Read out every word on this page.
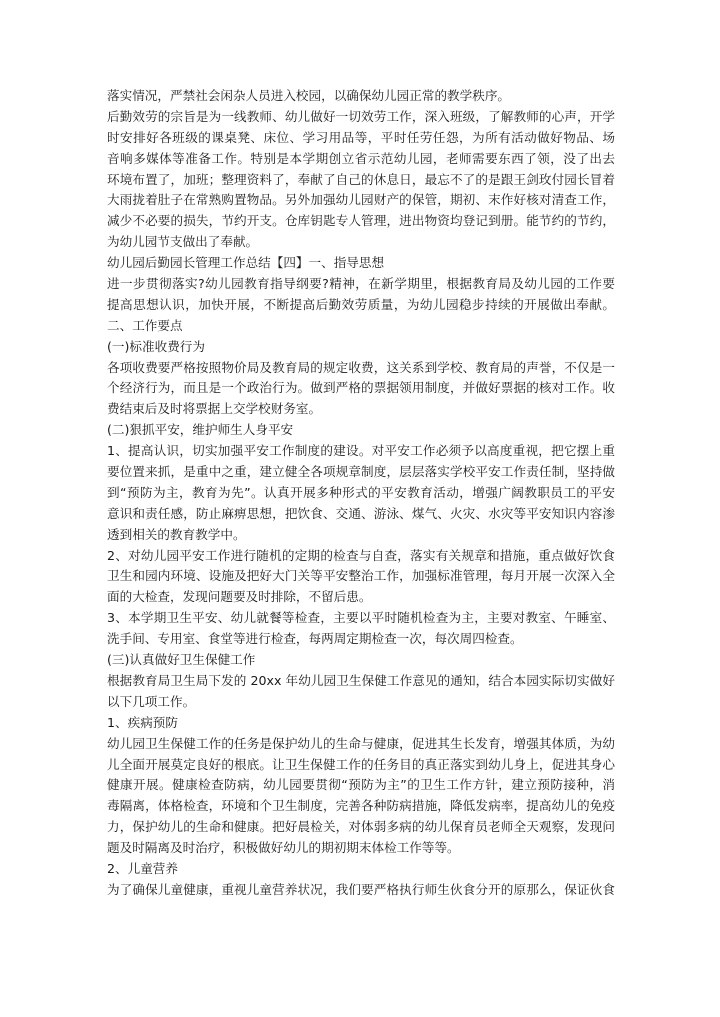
落实情况，严禁社会闲杂人员进入校园，以确保幼儿园正常的教学秩序。
后勤效劳的宗旨是为一线教师、幼儿做好一切效劳工作，深入班级，了解教师的心声，开学
时安排好各班级的课桌凳、床位、学习用品等，平时任劳任怨，为所有活动做好物品、场
音响多媒体等准备工作。特别是本学期创立省示范幼儿园，老师需要东西了领，没了出去
环境布置了，加班；整理资料了，奉献了自己的休息日，最忘不了的是跟王剑玫付园长冒着
大雨拢着肚子在常熟购置物品。另外加强幼儿园财产的保管，期初、末作好核对清查工作，
减少不必要的损失，节约开支。仓库钥匙专人管理，进出物资均登记到册。能节约的节约，
为幼儿园节支做出了奉献。
幼儿园后勤园长管理工作总结【四】一、指导思想
进一步贯彻落实?幼儿园教育指导纲要?精神，在新学期里，根据教育局及幼儿园的工作要
提高思想认识，加快开展，不断提高后勤效劳质量，为幼儿园稳步持续的开展做出奉献。
二、工作要点
(一)标准收费行为
各项收费要严格按照物价局及教育局的规定收费，这关系到学校、教育局的声誉，不仅是一
个经济行为，而且是一个政治行为。做到严格的票据领用制度，并做好票据的核对工作。收
费结束后及时将票据上交学校财务室。
(二)狠抓平安，维护师生人身平安
1、提高认识，切实加强平安工作制度的建设。对平安工作必须予以高度重视，把它摆上重
要位置来抓，是重中之重，建立健全各项规章制度，层层落实学校平安工作责任制，坚持做
到“预防为主，教育为先”。认真开展多种形式的平安教育活动，增强广阔教职员工的平安
意识和责任感，防止麻痹思想，把饮食、交通、游泳、煤气、火灾、水灾等平安知识内容渗
透到相关的教育教学中。
2、对幼儿园平安工作进行随机的定期的检查与自查，落实有关规章和措施，重点做好饮食
卫生和园内环境、设施及把好大门关等平安整治工作，加强标准管理，每月开展一次深入全
面的大检查，发现问题要及时排除，不留后患。
3、本学期卫生平安、幼儿就餐等检查，主要以平时随机检查为主，主要对教室、午睡室、
洗手间、专用室、食堂等进行检查，每两周定期检查一次，每次周四检查。
(三)认真做好卫生保健工作
根据教育局卫生局下发的 20xx 年幼儿园卫生保健工作意见的通知，结合本园实际切实做好
以下几项工作。
1、疾病预防
幼儿园卫生保健工作的任务是保护幼儿的生命与健康，促进其生长发育，增强其体质，为幼
儿全面开展莫定良好的根底。让卫生保健工作的任务目的真正落实到幼儿身上，促进其身心
健康开展。健康检查防病，幼儿园要贯彻“预防为主”的卫生工作方针，建立预防接种，消
毒隔离，体格检查，环境和个卫生制度，完善各种防病措施，降低发病率，提高幼儿的免疫
力，保护幼儿的生命和健康。把好晨检关，对体弱多病的幼儿保育员老师全天观察，发现问
题及时隔离及时治疗，积极做好幼儿的期初期末体检工作等等。
2、儿童营养
为了确保儿童健康，重视儿童营养状况，我们要严格执行师生伙食分开的原那么，保证伙食
